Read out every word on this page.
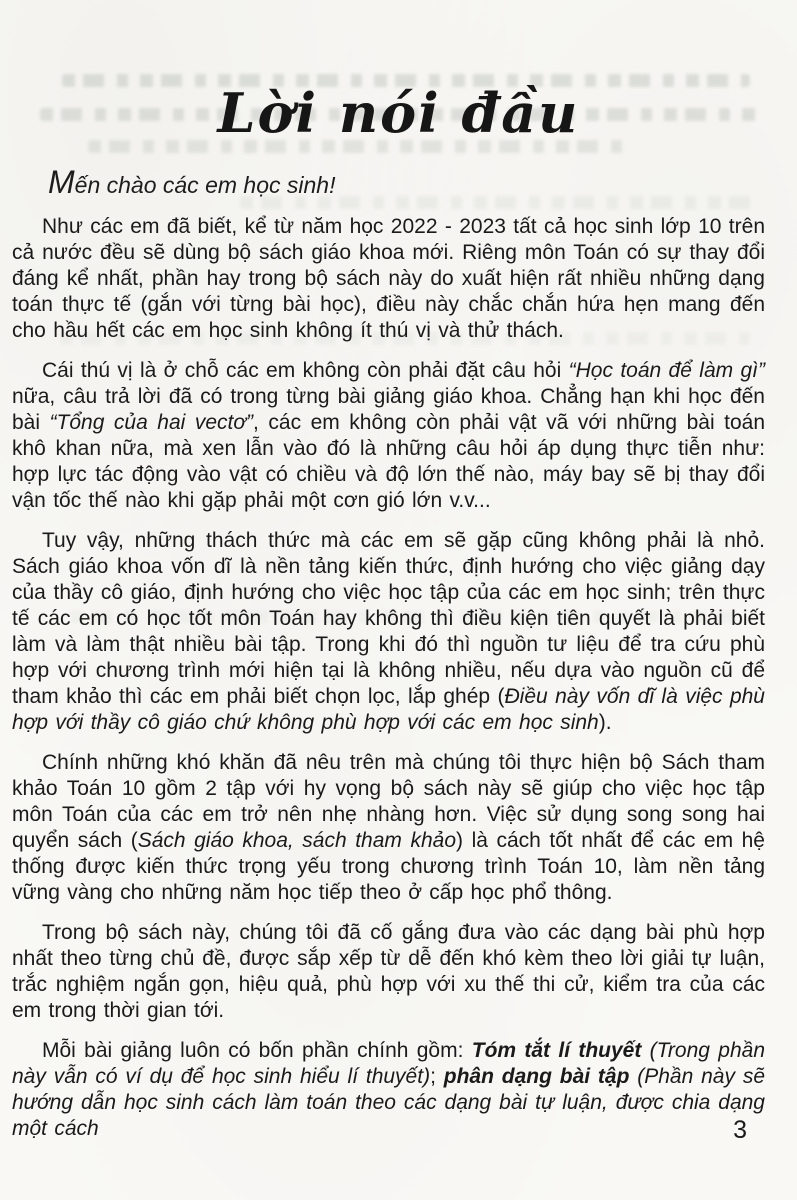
Lời nói đầu

Mến chào các em học sinh!

Như các em đã biết, kể từ năm học 2022 - 2023 tất cả học sinh lớp 10 trên cả nước đều sẽ dùng bộ sách giáo khoa mới. Riêng môn Toán có sự thay đổi đáng kể nhất, phần hay trong bộ sách này do xuất hiện rất nhiều những dạng toán thực tế (gắn với từng bài học), điều này chắc chắn hứa hẹn mang đến cho hầu hết các em học sinh không ít thú vị và thử thách.

Cái thú vị là ở chỗ các em không còn phải đặt câu hỏi “Học toán để làm gì” nữa, câu trả lời đã có trong từng bài giảng giáo khoa. Chẳng hạn khi học đến bài “Tổng của hai vectơ”, các em không còn phải vật vã với những bài toán khô khan nữa, mà xen lẫn vào đó là những câu hỏi áp dụng thực tiễn như: hợp lực tác động vào vật có chiều và độ lớn thế nào, máy bay sẽ bị thay đổi vận tốc thế nào khi gặp phải một cơn gió lớn v.v...

Tuy vậy, những thách thức mà các em sẽ gặp cũng không phải là nhỏ. Sách giáo khoa vốn dĩ là nền tảng kiến thức, định hướng cho việc giảng dạy của thầy cô giáo, định hướng cho việc học tập của các em học sinh; trên thực tế các em có học tốt môn Toán hay không thì điều kiện tiên quyết là phải biết làm và làm thật nhiều bài tập. Trong khi đó thì nguồn tư liệu để tra cứu phù hợp với chương trình mới hiện tại là không nhiều, nếu dựa vào nguồn cũ để tham khảo thì các em phải biết chọn lọc, lắp ghép (Điều này vốn dĩ là việc phù hợp với thầy cô giáo chứ không phù hợp với các em học sinh).

Chính những khó khăn đã nêu trên mà chúng tôi thực hiện bộ Sách tham khảo Toán 10 gồm 2 tập với hy vọng bộ sách này sẽ giúp cho việc học tập môn Toán của các em trở nên nhẹ nhàng hơn. Việc sử dụng song song hai quyển sách (Sách giáo khoa, sách tham khảo) là cách tốt nhất để các em hệ thống được kiến thức trọng yếu trong chương trình Toán 10, làm nền tảng vững vàng cho những năm học tiếp theo ở cấp học phổ thông.

Trong bộ sách này, chúng tôi đã cố gắng đưa vào các dạng bài phù hợp nhất theo từng chủ đề, được sắp xếp từ dễ đến khó kèm theo lời giải tự luận, trắc nghiệm ngắn gọn, hiệu quả, phù hợp với xu thế thi cử, kiểm tra của các em trong thời gian tới.

Mỗi bài giảng luôn có bốn phần chính gồm: Tóm tắt lí thuyết (Trong phần này vẫn có ví dụ để học sinh hiểu lí thuyết); phân dạng bài tập (Phần này sẽ hướng dẫn học sinh cách làm toán theo các dạng bài tự luận, được chia dạng một cách	3
